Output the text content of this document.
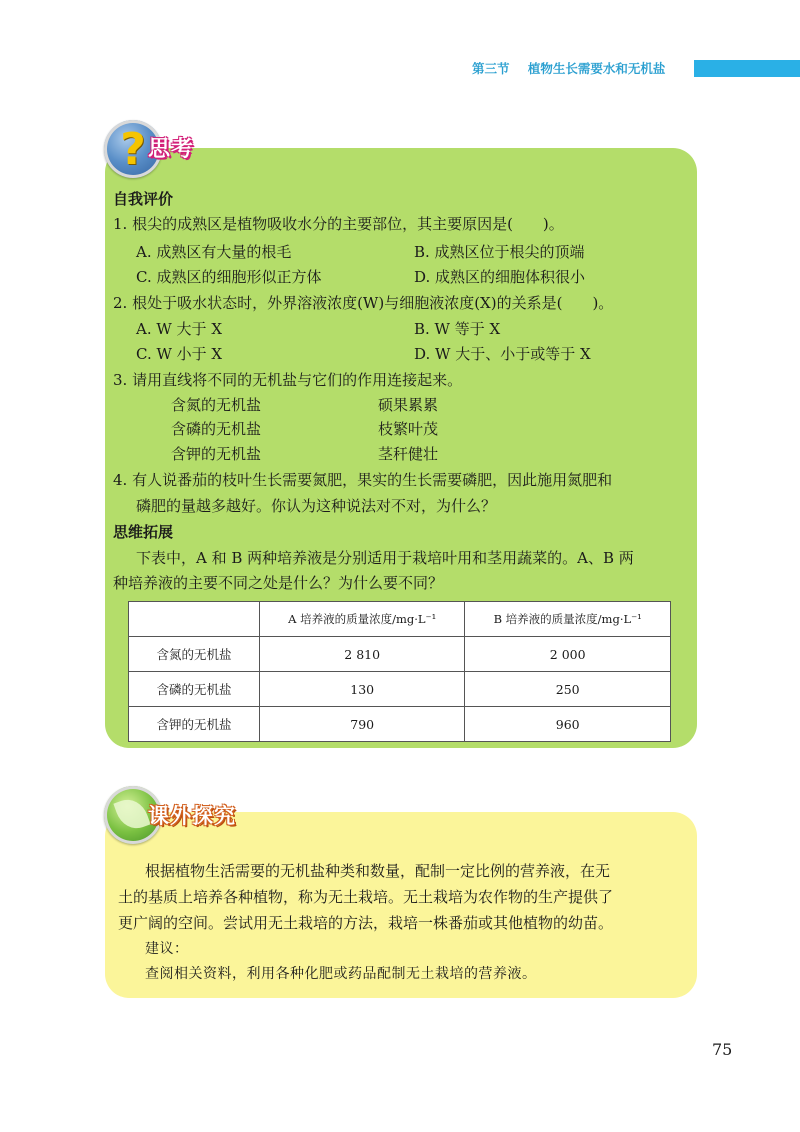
第三节 植物生长需要水和无机盐
? 思考
自我评价
1. 根尖的成熟区是植物吸收水分的主要部位，其主要原因是(　　)。
A. 成熟区有大量的根毛	B. 成熟区位于根尖的顶端
C. 成熟区的细胞形似正方体	D. 成熟区的细胞体积很小
2. 根处于吸水状态时，外界溶液浓度(W)与细胞液浓度(X)的关系是(　　)。
A. W 大于 X	B. W 等于 X
C. W 小于 X	D. W 大于、小于或等于 X
3. 请用直线将不同的无机盐与它们的作用连接起来。
含氮的无机盐	硕果累累
含磷的无机盐	枝繁叶茂
含钾的无机盐	茎秆健壮
4. 有人说番茄的枝叶生长需要氮肥，果实的生长需要磷肥，因此施用氮肥和
磷肥的量越多越好。你认为这种说法对不对，为什么？
思维拓展
下表中，A 和 B 两种培养液是分别适用于栽培叶用和茎用蔬菜的。A、B 两
种培养液的主要不同之处是什么？为什么要不同？
	A 培养液的质量浓度/mg·L⁻¹	B 培养液的质量浓度/mg·L⁻¹
含氮的无机盐	2 810	2 000
含磷的无机盐	130	250
含钾的无机盐	790	960
课外探究
根据植物生活需要的无机盐种类和数量，配制一定比例的营养液，在无
土的基质上培养各种植物，称为无土栽培。无土栽培为农作物的生产提供了
更广阔的空间。尝试用无土栽培的方法，栽培一株番茄或其他植物的幼苗。
建议：
查阅相关资料，利用各种化肥或药品配制无土栽培的营养液。
75
